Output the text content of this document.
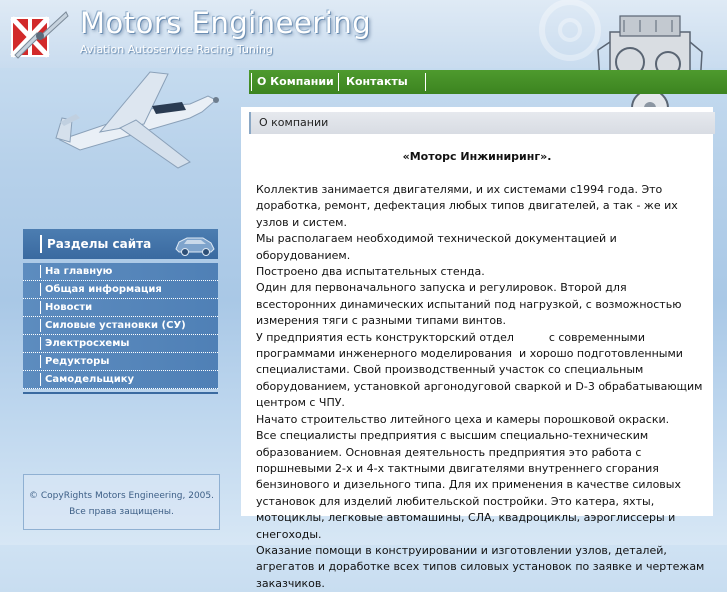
Motors Engineering
Aviation Autoservice Racing Tuning
О Компании Контакты
О компании
«Моторс Инжиниринг».

Коллектив занимается двигателями, и их системами с1994 года. Это доработка, ремонт, дефектация любых типов двигателей, а так - же их узлов и систем.

Мы располагаем необходимой технической документацией и оборудованием.

Построено два испытательных стенда.

Один для первоначального запуска и регулировок. Второй для всесторонних динамических испытаний под нагрузкой, с возможностью измерения тяги с разными типами винтов.

У предприятия есть конструкторский отдел          с современными программами инженерного моделирования  и хорошо подготовленными специалистами. Свой производственный участок со специальным оборудованием, установкой аргонодуговой сваркой и D-3 обрабатывающим центром с ЧПУ.

Начато строительство литейного цеха и камеры порошковой окраски.

Все специалисты предприятия с высшим специально-техническим образованием. Основная деятельность предприятия это работа с поршневыми 2-х и 4-х тактными двигателями внутреннего сгорания бензинового и дизельного типа. Для их применения в качестве силовых установок для изделий любительской постройки. Это катера, яхты, мотоциклы, легковые автомашины, СЛА, квадроциклы, аэроглиссеры и снегоходы.

Оказание помощи в конструировании и изготовлении узлов, деталей, агрегатов и доработке всех типов силовых установок по заявке и чертежам заказчиков.

Разделы сайта
На главную
Общая информация
Новости
Силовые установки (СУ)
Электросхемы
Редукторы
Самодельщику
© CopyRights Motors Engineering, 2005.
Все права защищены.
